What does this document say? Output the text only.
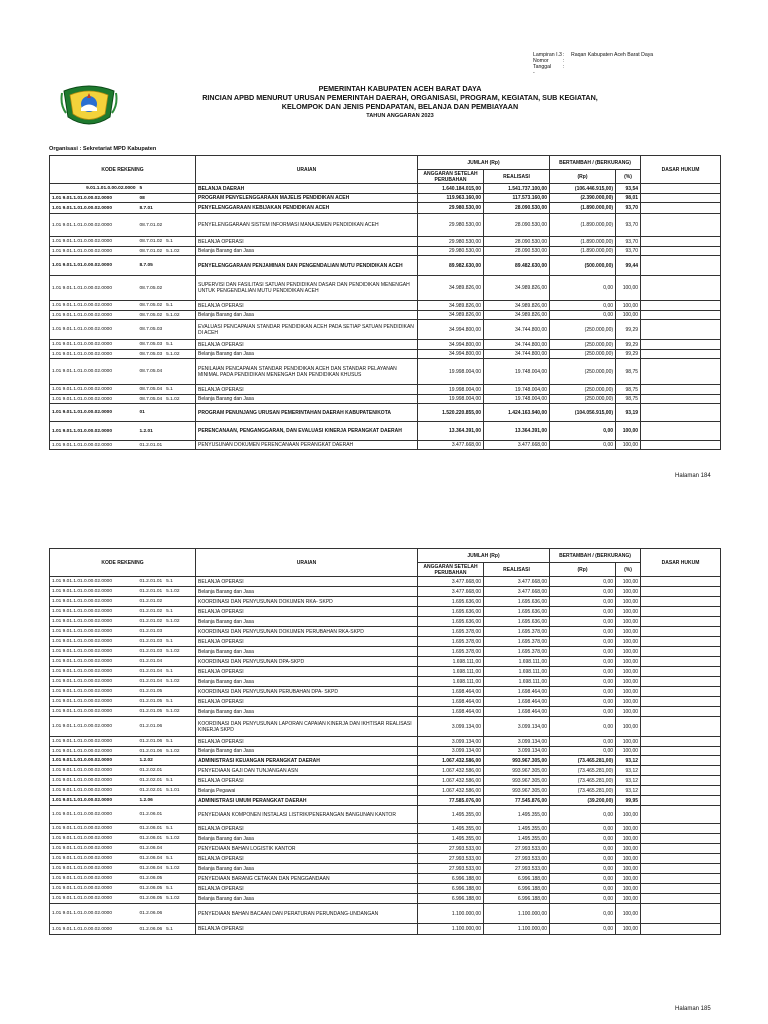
Lampiran I.3 :	Raqan Kabupaten Aceh Barat Daya
Nomor	:
Tanggal	:
-
PEMERINTAH KABUPATEN ACEH BARAT DAYA
RINCIAN APBD MENURUT URUSAN PEMERINTAH DAERAH, ORGANISASI, PROGRAM, KEGIATAN, SUB KEGIATAN,
KELOMPOK DAN JENIS PENDAPATAN, BELANJA DAN PEMBIAYAAN
TAHUN ANGGARAN 2023
Organisasi : Sekretariat MPD Kabupaten
KODE REKENING		URAIAN	JUMLAH (Rp)		BERTAMBAH / (BERKURANG)		DASAR HUKUM
			ANGGARAN SETELAH PERUBAHAN	REALISASI	(Rp)	(%)	
9.01.1.01.0.00.02.0000	5	BELANJA DAERAH	1.640.184.015,00	1.541.737.100,00	(106.446.915,00)	93,54	
1.01 9.01.1.01.0.00.02.0000	08	PROGRAM PENYELENGGARAAN MAJELIS PENDIDIKAN ACEH	119.963.160,00	117.573.160,00	(2.390.000,00)	98,01	
1.01 9.01.1.01.0.00.02.0000	8.7.01	PENYELENGGARAAN KEBIJAKAN PENDIDIKAN ACEH	29.980.530,00	28.090.530,00	(1.890.000,00)	93,70	
1.01 9.01.1.01.0.00.02.0000	08.7.01.02	PENYELENGGARAAN SISTEM INFORMASI MANAJEMEN PENDIDIKAN ACEH	29.980.530,00	28.090.530,00	(1.890.000,00)	93,70	
1.01 9.01.1.01.0.00.02.0000	08.7.01.02   5.1	BELANJA OPERASI	29.980.530,00	28.090.530,00	(1.890.000,00)	93,70	
1.01 9.01.1.01.0.00.02.0000	08.7.01.02   5.1.02	Belanja Barang dan Jasa	29.980.530,00	28.090.530,00	(1.890.000,00)	93,70	
1.01 9.01.1.01.0.00.02.0000	8.7.05	PENYELENGGARAAN PENJAMINAN DAN PENGENDALIAN MUTU PENDIDIKAN ACEH	89.982.630,00	89.482.630,00	(500.000,00)	99,44	
1.01 9.01.1.01.0.00.02.0000	08.7.05.02	SUPERVISI DAN FASILITASI SATUAN PENDIDIKAN DASAR DAN PENDIDIKAN MENENGAH UNTUK PENGENDALIAN MUTU PENDIDIKAN ACEH	34.989.826,00	34.989.826,00	0,00	100,00	
1.01 9.01.1.01.0.00.02.0000	08.7.05.02   5.1	BELANJA OPERASI	34.989.826,00	34.989.826,00	0,00	100,00	
1.01 9.01.1.01.0.00.02.0000	08.7.05.02   5.1.02	Belanja Barang dan Jasa	34.989.826,00	34.989.826,00	0,00	100,00	
1.01 9.01.1.01.0.00.02.0000	08.7.05.03	EVALUASI PENCAPAIAN STANDAR PENDIDIKAN ACEH PADA SETIAP SATUAN PENDIDIKAN DI ACEH	34.994.800,00	34.744.800,00	(250.000,00)	99,29	
1.01 9.01.1.01.0.00.02.0000	08.7.05.03   5.1	BELANJA OPERASI	34.994.800,00	34.744.800,00	(250.000,00)	99,29	
1.01 9.01.1.01.0.00.02.0000	08.7.05.03   5.1.02	Belanja Barang dan Jasa	34.994.800,00	34.744.800,00	(250.000,00)	99,29	
1.01 9.01.1.01.0.00.02.0000	08.7.05.04	PENILAIAN PENCAPAIAN STANDAR PENDIDIKAN ACEH DAN STANDAR PELAYANAN MINIMAL PADA PENDIDIKAN MENENGAH DAN PENDIDIKAN KHUSUS	19.998.004,00	19.748.004,00	(250.000,00)	98,75	
1.01 9.01.1.01.0.00.02.0000	08.7.05.04   5.1	BELANJA OPERASI	19.998.004,00	19.748.004,00	(250.000,00)	98,75	
1.01 9.01.1.01.0.00.02.0000	08.7.05.04   5.1.02	Belanja Barang dan Jasa	19.998.004,00	19.748.004,00	(250.000,00)	98,75	
1.01 9.01.1.01.0.00.02.0000	01	PROGRAM PENUNJANG URUSAN PEMERINTAHAN DAERAH KABUPATEN/KOTA	1.520.220.855,00	1.424.163.940,00	(104.056.915,00)	93,19	
1.01 9.01.1.01.0.00.02.0000	1.2.01	PERENCANAAN, PENGANGGARAN, DAN EVALUASI KINERJA PERANGKAT DAERAH	13.364.391,00	13.364.391,00	0,00	100,00	
1.01 9.01.1.01.0.00.02.0000	01.2.01.01	PENYUSUNAN DOKUMEN PERENCANAAN PERANGKAT DAERAH	3.477.668,00	3.477.668,00	0,00	100,00	
Halaman 184
KODE REKENING		URAIAN	JUMLAH (Rp)		BERTAMBAH / (BERKURANG)		DASAR HUKUM
			ANGGARAN SETELAH PERUBAHAN	REALISASI	(Rp)	(%)	
1.01 9.01.1.01.0.00.02.0000	01.2.01.01   5.1	BELANJA OPERASI	3.477.668,00	3.477.668,00	0,00	100,00	
1.01 9.01.1.01.0.00.02.0000	01.2.01.01   5.1.02	Belanja Barang dan Jasa	3.477.668,00	3.477.668,00	0,00	100,00	
1.01 9.01.1.01.0.00.02.0000	01.2.01.02	KOORDINASI DAN PENYUSUNAN DOKUMEN RKA- SKPD	1.695.636,00	1.695.636,00	0,00	100,00	
1.01 9.01.1.01.0.00.02.0000	01.2.01.02   5.1	BELANJA OPERASI	1.695.636,00	1.695.636,00	0,00	100,00	
1.01 9.01.1.01.0.00.02.0000	01.2.01.02   5.1.02	Belanja Barang dan Jasa	1.695.636,00	1.695.636,00	0,00	100,00	
1.01 9.01.1.01.0.00.02.0000	01.2.01.03	KOORDINASI DAN PENYUSUNAN DOKUMEN PERUBAHAN RKA-SKPD	1.695.378,00	1.695.378,00	0,00	100,00	
1.01 9.01.1.01.0.00.02.0000	01.2.01.03   5.1	BELANJA OPERASI	1.695.378,00	1.695.378,00	0,00	100,00	
1.01 9.01.1.01.0.00.02.0000	01.2.01.03   5.1.02	Belanja Barang dan Jasa	1.695.378,00	1.695.378,00	0,00	100,00	
1.01 9.01.1.01.0.00.02.0000	01.2.01.04	KOORDINASI DAN PENYUSUNAN DPA-SKPD	1.698.111,00	1.698.111,00	0,00	100,00	
1.01 9.01.1.01.0.00.02.0000	01.2.01.04   5.1	BELANJA OPERASI	1.698.111,00	1.698.111,00	0,00	100,00	
1.01 9.01.1.01.0.00.02.0000	01.2.01.04   5.1.02	Belanja Barang dan Jasa	1.698.111,00	1.698.111,00	0,00	100,00	
1.01 9.01.1.01.0.00.02.0000	01.2.01.05	KOORDINASI DAN PENYUSUNAN PERUBAHAN DPA- SKPD	1.698.464,00	1.698.464,00	0,00	100,00	
1.01 9.01.1.01.0.00.02.0000	01.2.01.05   5.1	BELANJA OPERASI	1.698.464,00	1.698.464,00	0,00	100,00	
1.01 9.01.1.01.0.00.02.0000	01.2.01.05   5.1.02	Belanja Barang dan Jasa	1.698.464,00	1.698.464,00	0,00	100,00	
1.01 9.01.1.01.0.00.02.0000	01.2.01.06	KOORDINASI DAN PENYUSUNAN LAPORAN CAPAIAN KINERJA DAN IKHTISAR REALISASI KINERJA SKPD	3.099.134,00	3.099.134,00	0,00	100,00	
1.01 9.01.1.01.0.00.02.0000	01.2.01.06   5.1	BELANJA OPERASI	3.099.134,00	3.099.134,00	0,00	100,00	
1.01 9.01.1.01.0.00.02.0000	01.2.01.06   5.1.02	Belanja Barang dan Jasa	3.099.134,00	3.099.134,00	0,00	100,00	
1.01 9.01.1.01.0.00.02.0000	1.2.02	ADMINISTRASI KEUANGAN PERANGKAT DAERAH	1.067.432.586,00	993.967.305,00	(73.465.281,00)	93,12	
1.01 9.01.1.01.0.00.02.0000	01.2.02.01	PENYEDIAAN GAJI DAN TUNJANGAN ASN	1.067.432.586,00	993.967.305,00	(73.465.281,00)	93,12	
1.01 9.01.1.01.0.00.02.0000	01.2.02.01   5.1	BELANJA OPERASI	1.067.432.586,00	993.967.305,00	(73.465.281,00)	93,12	
1.01 9.01.1.01.0.00.02.0000	01.2.02.01   5.1.01	Belanja Pegawai	1.067.432.586,00	993.967.305,00	(73.465.281,00)	93,12	
1.01 9.01.1.01.0.00.02.0000	1.2.06	ADMINISTRASI UMUM PERANGKAT DAERAH	77.585.076,00	77.545.876,00	(39.200,00)	99,95	
1.01 9.01.1.01.0.00.02.0000	01.2.06.01	PENYEDIAAN KOMPONEN INSTALASI LISTRIK/PENERANGAN BANGUNAN KANTOR	1.495.355,00	1.495.355,00	0,00	100,00	
1.01 9.01.1.01.0.00.02.0000	01.2.06.01   5.1	BELANJA OPERASI	1.495.355,00	1.495.355,00	0,00	100,00	
1.01 9.01.1.01.0.00.02.0000	01.2.06.01   5.1.02	Belanja Barang dan Jasa	1.495.355,00	1.495.355,00	0,00	100,00	
1.01 9.01.1.01.0.00.02.0000	01.2.06.04	PENYEDIAAN BAHAN LOGISTIK KANTOR	27.993.533,00	27.993.533,00	0,00	100,00	
1.01 9.01.1.01.0.00.02.0000	01.2.06.04   5.1	BELANJA OPERASI	27.993.533,00	27.993.533,00	0,00	100,00	
1.01 9.01.1.01.0.00.02.0000	01.2.06.04   5.1.02	Belanja Barang dan Jasa	27.993.533,00	27.993.533,00	0,00	100,00	
1.01 9.01.1.01.0.00.02.0000	01.2.06.05	PENYEDIAAN BARANG CETAKAN DAN PENGGANDAAN	6.996.188,00	6.996.188,00	0,00	100,00	
1.01 9.01.1.01.0.00.02.0000	01.2.06.05   5.1	BELANJA OPERASI	6.996.188,00	6.996.188,00	0,00	100,00	
1.01 9.01.1.01.0.00.02.0000	01.2.06.05   5.1.02	Belanja Barang dan Jasa	6.996.188,00	6.996.188,00	0,00	100,00	
1.01 9.01.1.01.0.00.02.0000	01.2.06.06	PENYEDIAAN BAHAN BACAAN DAN PERATURAN PERUNDANG-UNDANGAN	1.100.000,00	1.100.000,00	0,00	100,00	
1.01 9.01.1.01.0.00.02.0000	01.2.06.06   5.1	BELANJA OPERASI	1.100.000,00	1.100.000,00	0,00	100,00	
Halaman 185
